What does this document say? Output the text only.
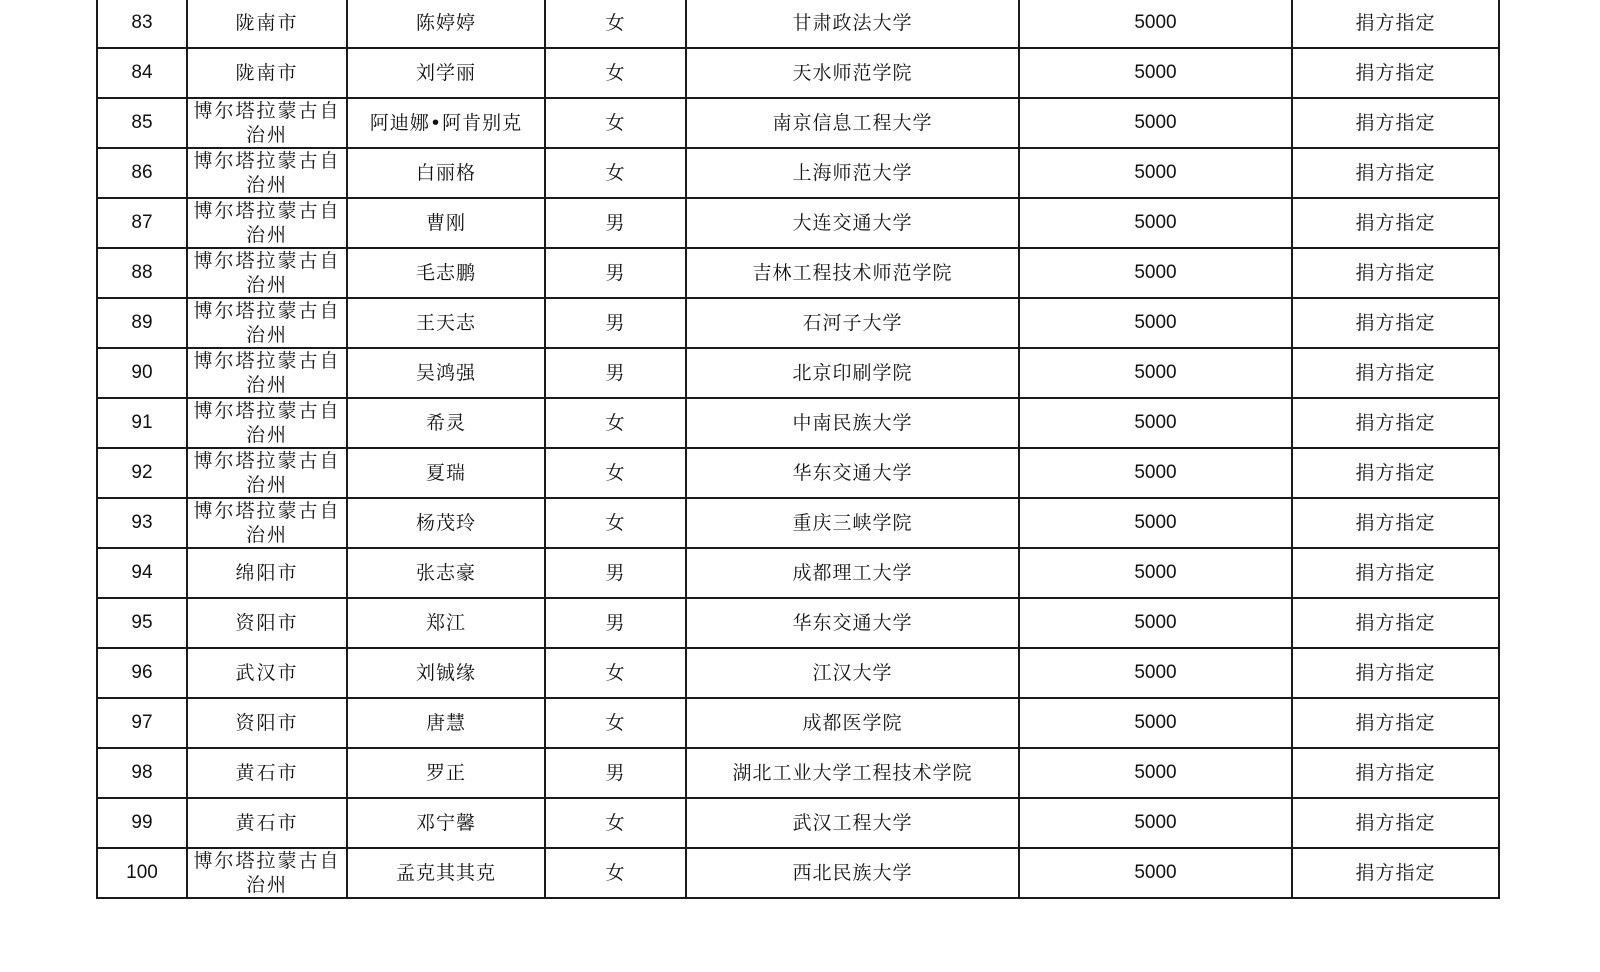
83	陇南市	陈婷婷	女	甘肃政法大学	5000	捐方指定
84	陇南市	刘学丽	女	天水师范学院	5000	捐方指定
85	博尔塔拉蒙古自治州	阿迪娜•阿肯别克	女	南京信息工程大学	5000	捐方指定
86	博尔塔拉蒙古自治州	白丽格	女	上海师范大学	5000	捐方指定
87	博尔塔拉蒙古自治州	曹刚	男	大连交通大学	5000	捐方指定
88	博尔塔拉蒙古自治州	毛志鹏	男	吉林工程技术师范学院	5000	捐方指定
89	博尔塔拉蒙古自治州	王天志	男	石河子大学	5000	捐方指定
90	博尔塔拉蒙古自治州	吴鸿强	男	北京印刷学院	5000	捐方指定
91	博尔塔拉蒙古自治州	希灵	女	中南民族大学	5000	捐方指定
92	博尔塔拉蒙古自治州	夏瑞	女	华东交通大学	5000	捐方指定
93	博尔塔拉蒙古自治州	杨茂玲	女	重庆三峡学院	5000	捐方指定
94	绵阳市	张志豪	男	成都理工大学	5000	捐方指定
95	资阳市	郑江	男	华东交通大学	5000	捐方指定
96	武汉市	刘铖缘	女	江汉大学	5000	捐方指定
97	资阳市	唐慧	女	成都医学院	5000	捐方指定
98	黄石市	罗正	男	湖北工业大学工程技术学院	5000	捐方指定
99	黄石市	邓宁馨	女	武汉工程大学	5000	捐方指定
100	博尔塔拉蒙古自治州	孟克其其克	女	西北民族大学	5000	捐方指定
